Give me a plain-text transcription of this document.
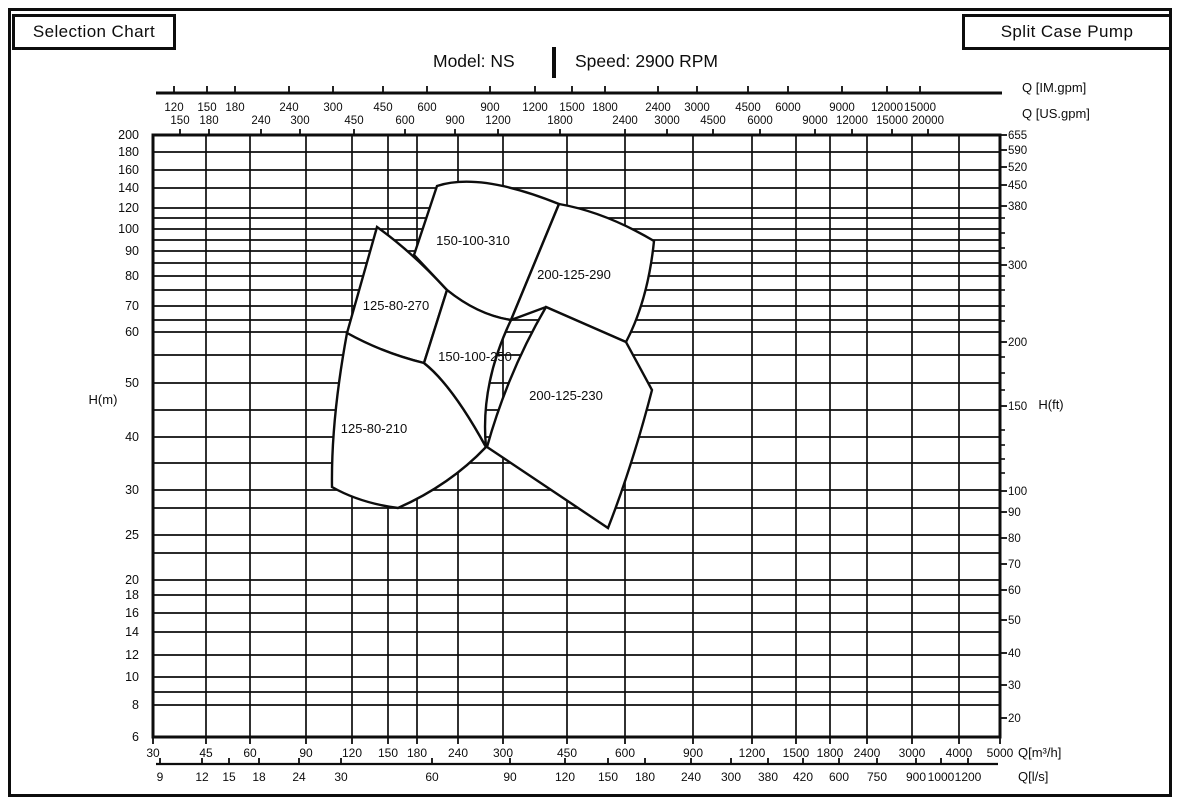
Selection Chart	Split Case Pump
Model: NS	Speed: 2900 RPM
125-80-270
150-100-310
200-125-290
125-80-210
150-100-250
200-125-230
120 150 180	240 300	450 600	900 1200 1500 1800 2400 3000 4500 6000 9000 12000 15000
150 180	240 300	450	600	900 1200	1800	2400 3000 4500 6000	9000 12000 15000 20000
200
180
160
140
120
100
90
80
70
60
50
40
30
25
20
18
16
14
12
10
8
6
655
590
520
450
380
300
200
150
100
90
80
70
60
50
40
30
20
30	45	60	90 120 150 180 240 300	450	600	900	1200 1500 1800 2400 3000 4000 5000
9	12 15 18 24 30	60	90	120 150 180 240 300 380 420 600 750 900 1000 1200
Q [IM.gpm]
Q [US.gpm]
H(m)	H(ft)
Q[m³/h]
Q[l/s]
